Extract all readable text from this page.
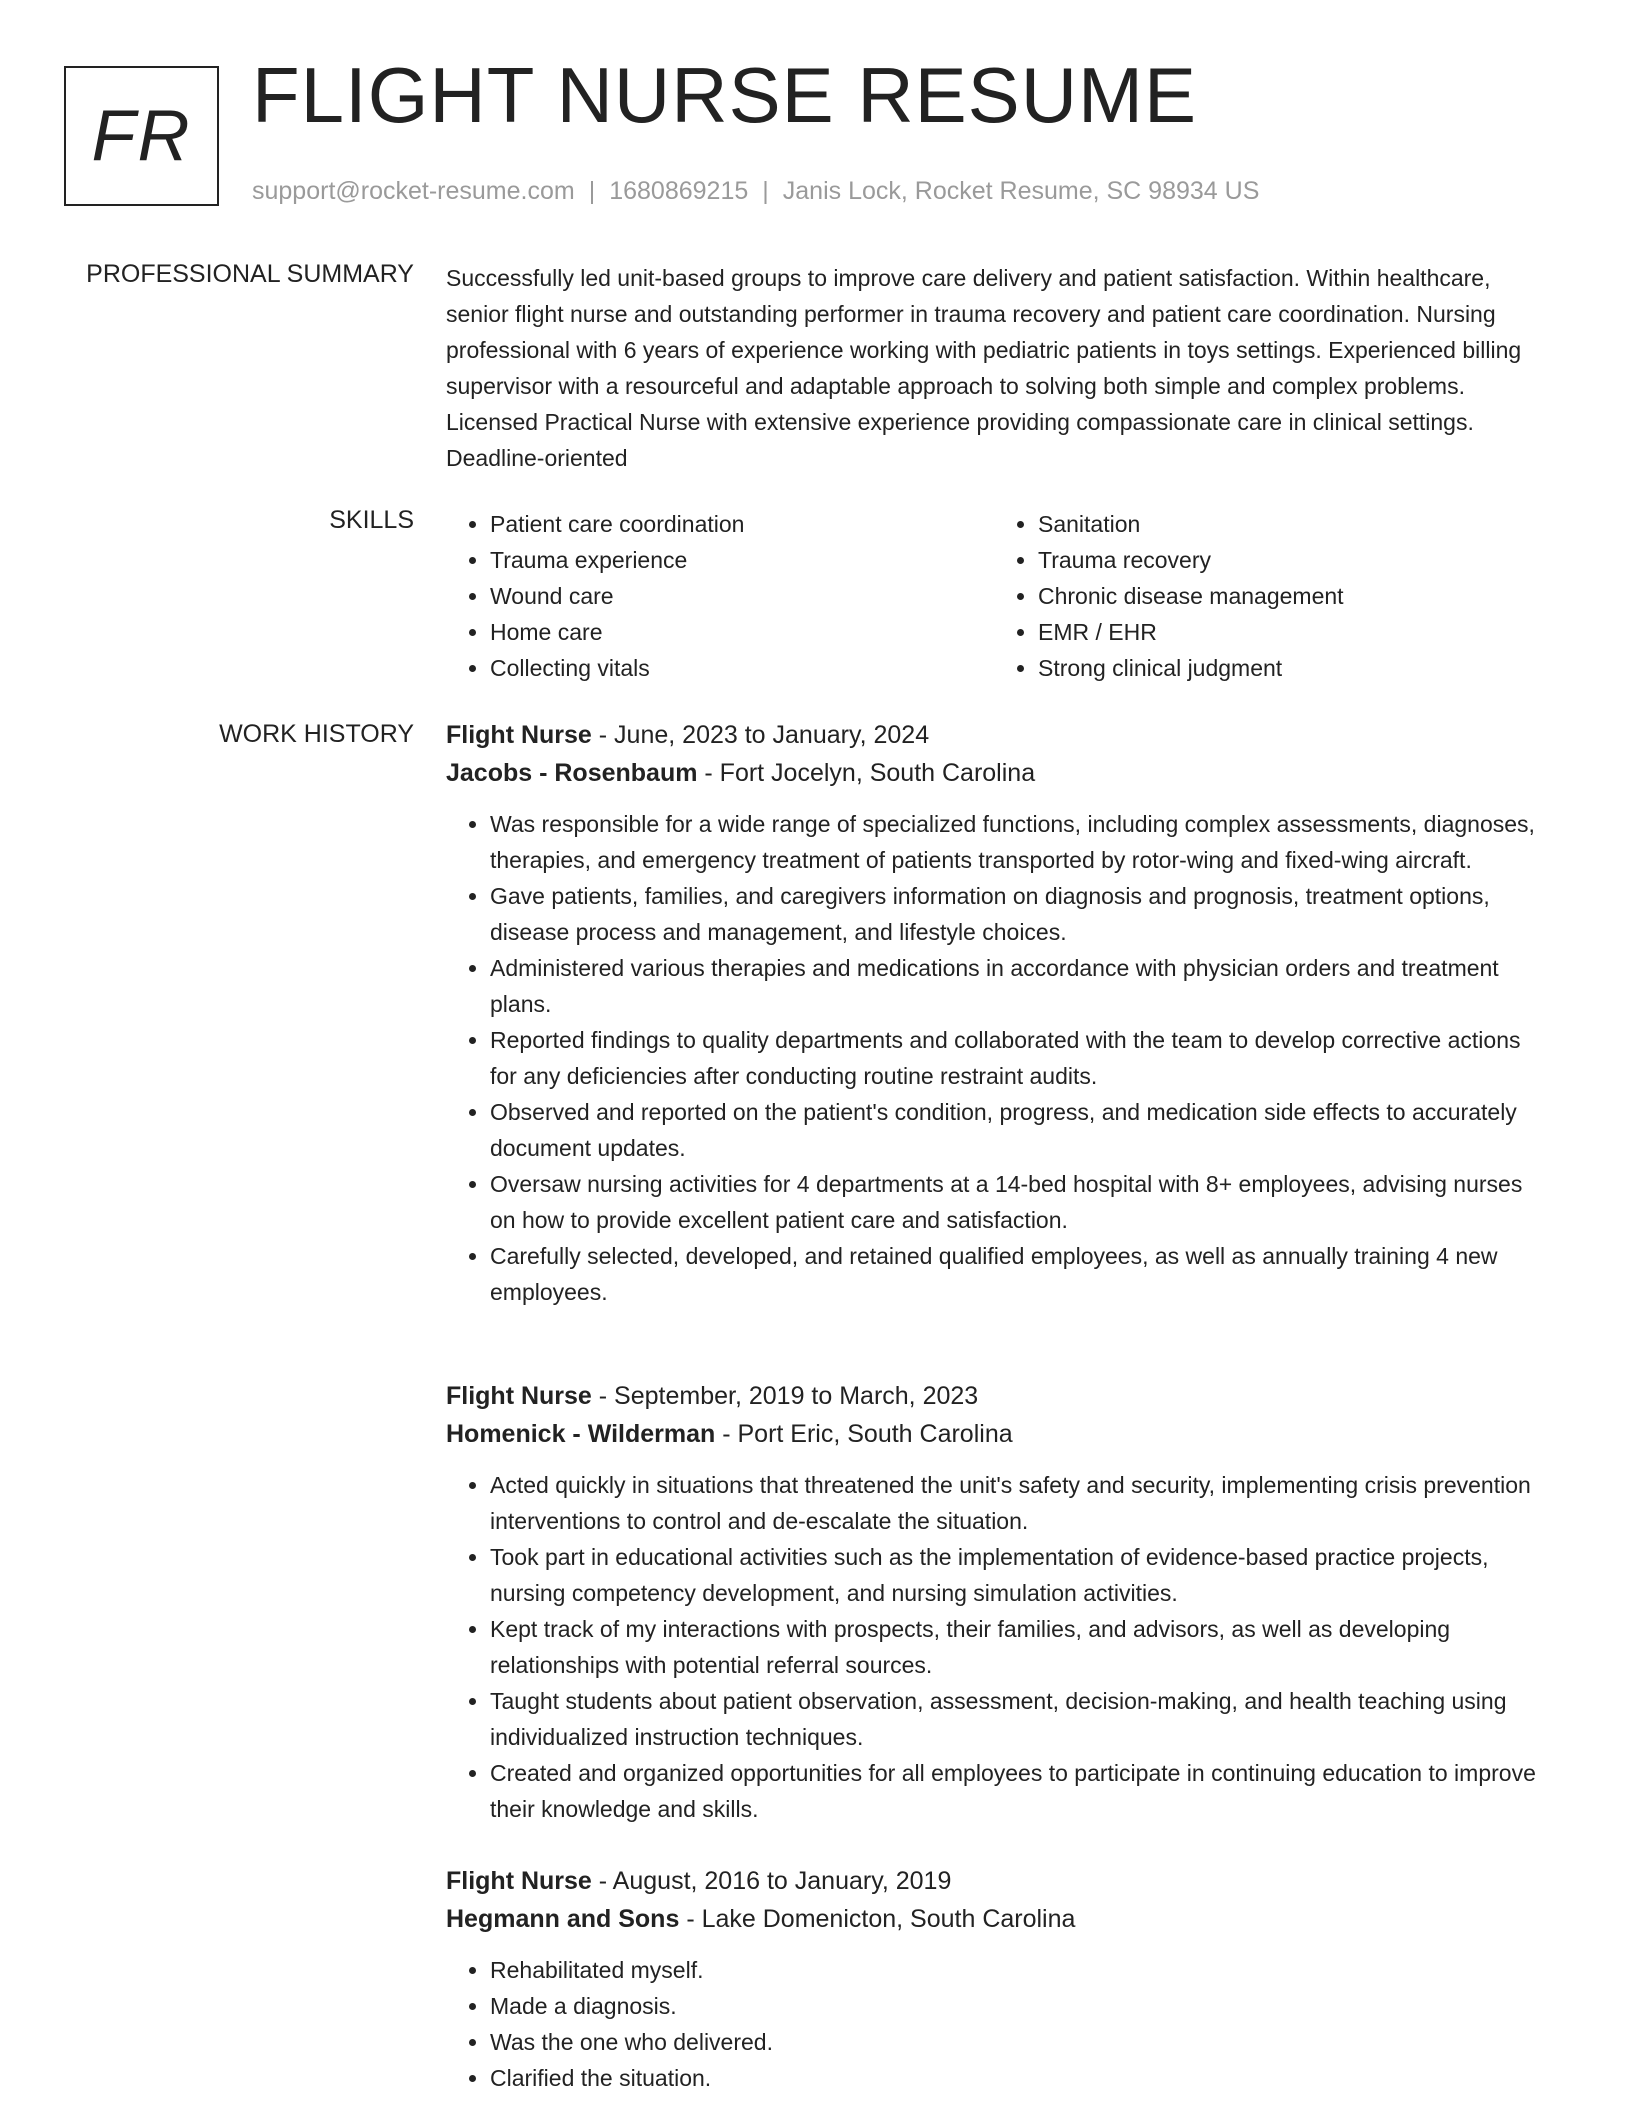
FR FLIGHT NURSE RESUME
support@rocket-resume.com | 1680869215 | Janis Lock, Rocket Resume, SC 98934 US
PROFESSIONAL SUMMARY Successfully led unit-based groups to improve care delivery and patient satisfaction. Within healthcare, senior flight nurse and outstanding performer in trauma recovery and patient care coordination. Nursing professional with 6 years of experience working with pediatric patients in toys settings. Experienced billing supervisor with a resourceful and adaptable approach to solving both simple and complex problems. Licensed Practical Nurse with extensive experience providing compassionate care in clinical settings. Deadline-oriented

SKILLS
•	Patient care coordination
• Trauma experience
• Wound care
• Home care
• Collecting vitals
• Sanitation
• Trauma recovery
• Chronic disease management
• EMR / EHR
• Strong clinical judgment
WORK HISTORY Flight Nurse - June, 2023 to January, 2024
Jacobs - Rosenbaum - Fort Jocelyn, South Carolina
• Was responsible for a wide range of specialized functions, including complex assessments, diagnoses, therapies, and emergency treatment of patients transported by rotor-wing and fixed-wing aircraft.
• Gave patients, families, and caregivers information on diagnosis and prognosis, treatment options, disease process and management, and lifestyle choices.
• Administered various therapies and medications in accordance with physician orders and treatment plans.
• Reported findings to quality departments and collaborated with the team to develop corrective actions for any deficiencies after conducting routine restraint audits.
• Observed and reported on the patient's condition, progress, and medication side effects to accurately document updates.
• Oversaw nursing activities for 4 departments at a 14-bed hospital with 8+ employees, advising nurses on how to provide excellent patient care and satisfaction.
• Carefully selected, developed, and retained qualified employees, as well as annually training 4 new employees.
Flight Nurse - September, 2019 to March, 2023
Homenick - Wilderman - Port Eric, South Carolina
• Acted quickly in situations that threatened the unit's safety and security, implementing crisis prevention interventions to control and de-escalate the situation.
• Took part in educational activities such as the implementation of evidence-based practice projects, nursing competency development, and nursing simulation activities.
• Kept track of my interactions with prospects, their families, and advisors, as well as developing relationships with potential referral sources.
• Taught students about patient observation, assessment, decision-making, and health teaching using individualized instruction techniques.
• Created and organized opportunities for all employees to participate in continuing education to improve their knowledge and skills.
Flight Nurse - August, 2016 to January, 2019
Hegmann and Sons - Lake Domenicton, South Carolina
• Rehabilitated myself.
• Made a diagnosis.
• Was the one who delivered.
• Clarified the situation.
